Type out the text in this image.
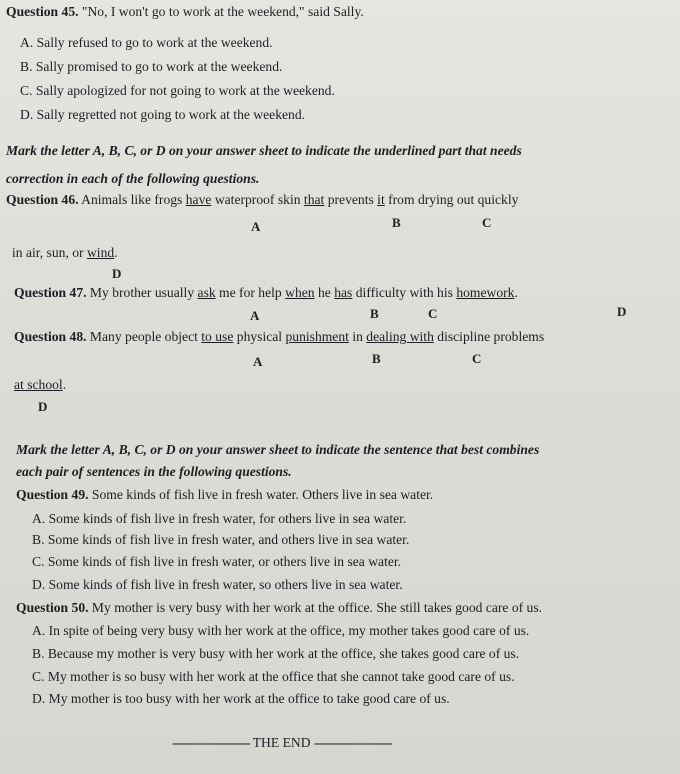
Question 45. "No, I won't go to work at the weekend," said Sally.
A. Sally refused to go to work at the weekend.
B. Sally promised to go to work at the weekend.
C. Sally apologized for not going to work at the weekend.
D. Sally regretted not going to work at the weekend.
Mark the letter A, B, C, or D on your answer sheet to indicate the underlined part that needs
correction in each of the following questions.
Question 46. Animals like frogs have waterproof skin that prevents it from drying out quickly
A	B	C
in air, sun, or wind.
D
Question 47. My brother usually ask me for help when he has difficulty with his homework.
A	B	C	D
Question 48. Many people object to use physical punishment in dealing with discipline problems
A	B	C
at school.
D
Mark the letter A, B, C, or D on your answer sheet to indicate the sentence that best combines
each pair of sentences in the following questions.
Question 49. Some kinds of fish live in fresh water. Others live in sea water.
A. Some kinds of fish live in fresh water, for others live in sea water.
B. Some kinds of fish live in fresh water, and others live in sea water.
C. Some kinds of fish live in fresh water, or others live in sea water.
D. Some kinds of fish live in fresh water, so others live in sea water.
Question 50. My mother is very busy with her work at the office. She still takes good care of us.
A. In spite of being very busy with her work at the office, my mother takes good care of us.
B. Because my mother is very busy with her work at the office, she takes good care of us.
C. My mother is so busy with her work at the office that she cannot take good care of us.
D. My mother is too busy with her work at the office to take good care of us.
---------------------- THE END ----------------------
